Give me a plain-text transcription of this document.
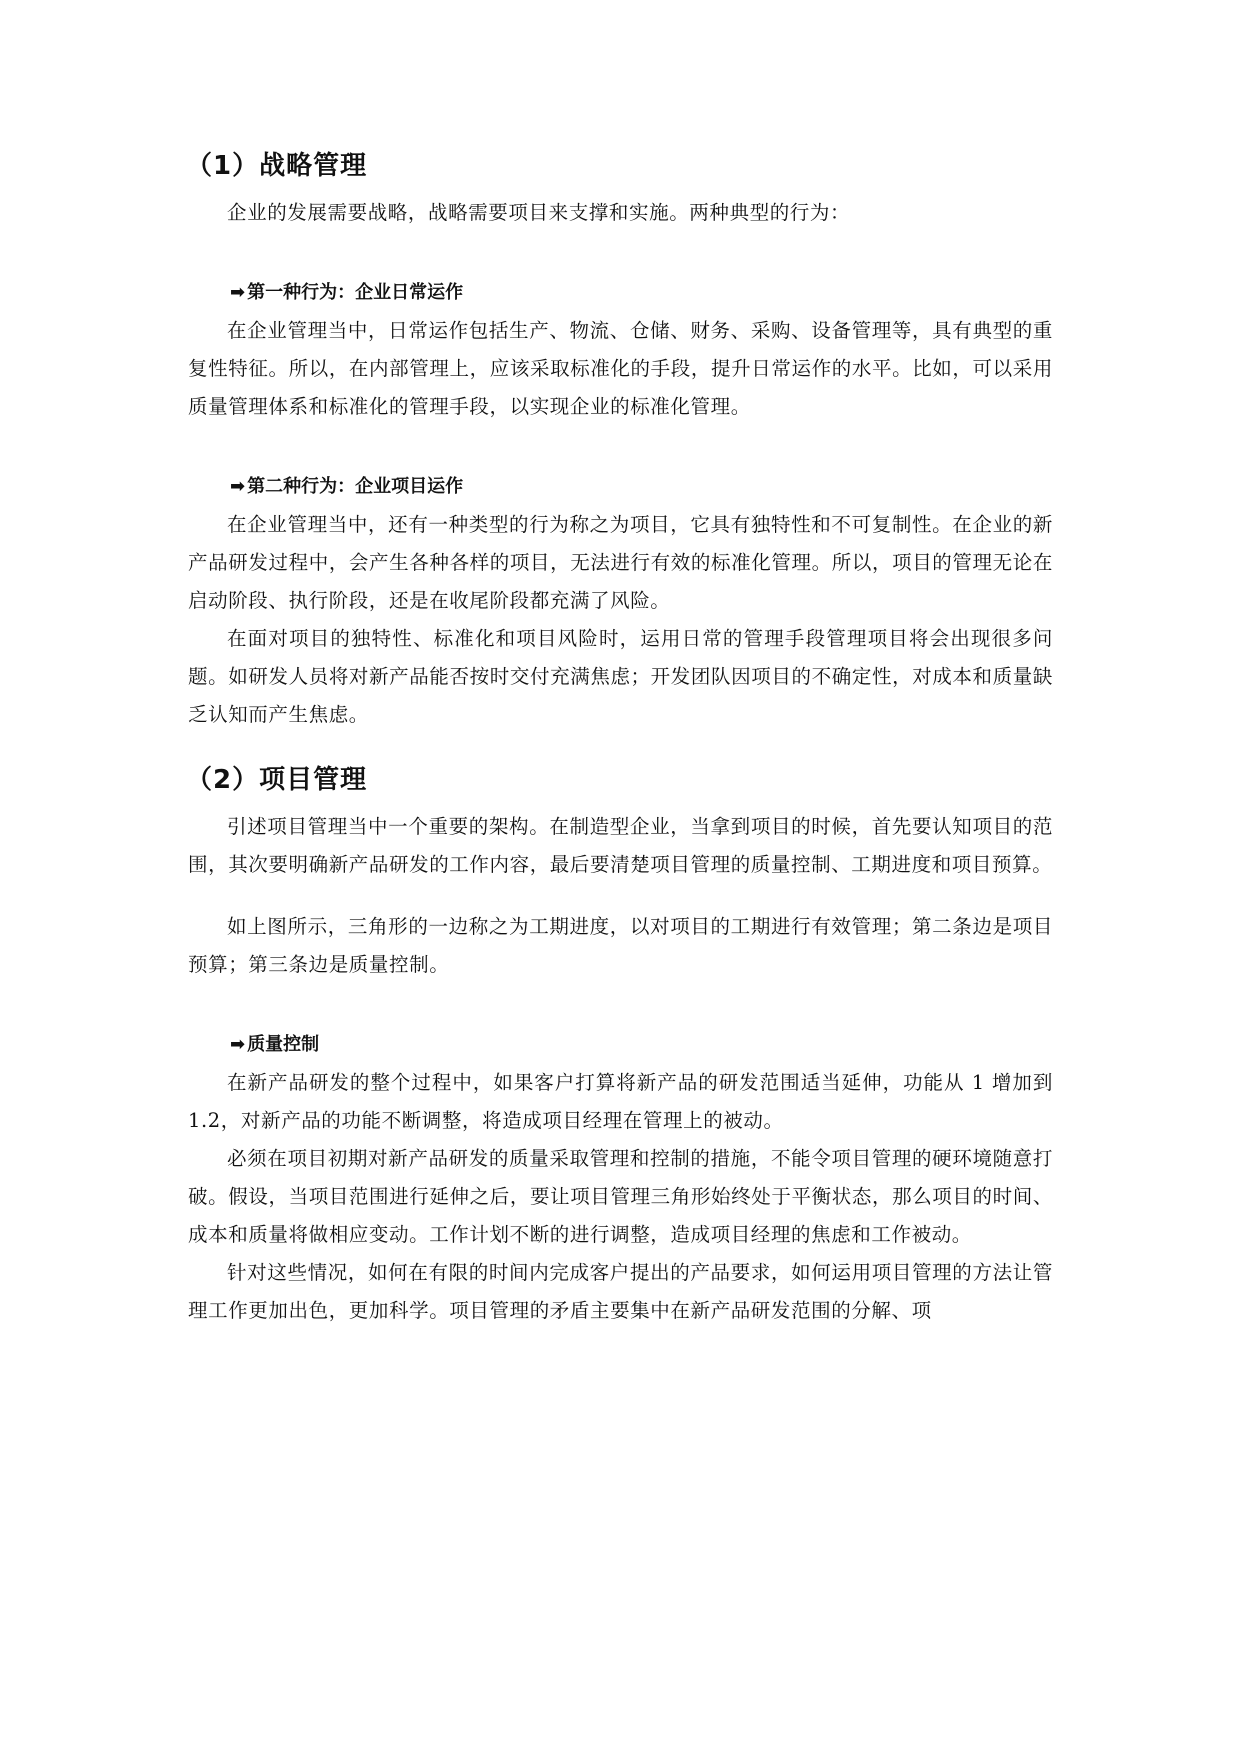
（1）战略管理

企业的发展需要战略，战略需要项目来支撑和实施。两种典型的行为：

➡ 第一种行为：企业日常运作

在企业管理当中，日常运作包括生产、物流、仓储、财务、采购、设备管理等，具有典型的重复性特征。所以，在内部管理上，应该采取标准化的手段，提升日常运作的水平。比如，可以采用质量管理体系和标准化的管理手段，以实现企业的标准化管理。

➡ 第二种行为：企业项目运作

在企业管理当中，还有一种类型的行为称之为项目，它具有独特性和不可复制性。在企业的新产品研发过程中，会产生各种各样的项目，无法进行有效的标准化管理。所以，项目的管理无论在启动阶段、执行阶段，还是在收尾阶段都充满了风险。

在面对项目的独特性、标准化和项目风险时，运用日常的管理手段管理项目将会出现很多问题。如研发人员将对新产品能否按时交付充满焦虑；开发团队因项目的不确定性，对成本和质量缺乏认知而产生焦虑。

（2）项目管理

引述项目管理当中一个重要的架构。在制造型企业，当拿到项目的时候，首先要认知项目的范围，其次要明确新产品研发的工作内容，最后要清楚项目管理的质量控制、工期进度和项目预算。

如上图所示，三角形的一边称之为工期进度，以对项目的工期进行有效管理；第二条边是项目预算；第三条边是质量控制。

➡ 质量控制

在新产品研发的整个过程中，如果客户打算将新产品的研发范围适当延伸，功能从 1 增加到 1.2，对新产品的功能不断调整，将造成项目经理在管理上的被动。

必须在项目初期对新产品研发的质量采取管理和控制的措施，不能令项目管理的硬环境随意打破。假设，当项目范围进行延伸之后，要让项目管理三角形始终处于平衡状态，那么项目的时间、成本和质量将做相应变动。工作计划不断的进行调整，造成项目经理的焦虑和工作被动。

针对这些情况，如何在有限的时间内完成客户提出的产品要求，如何运用项目管理的方法让管理工作更加出色，更加科学。项目管理的矛盾主要集中在新产品研发范围的分解、项
